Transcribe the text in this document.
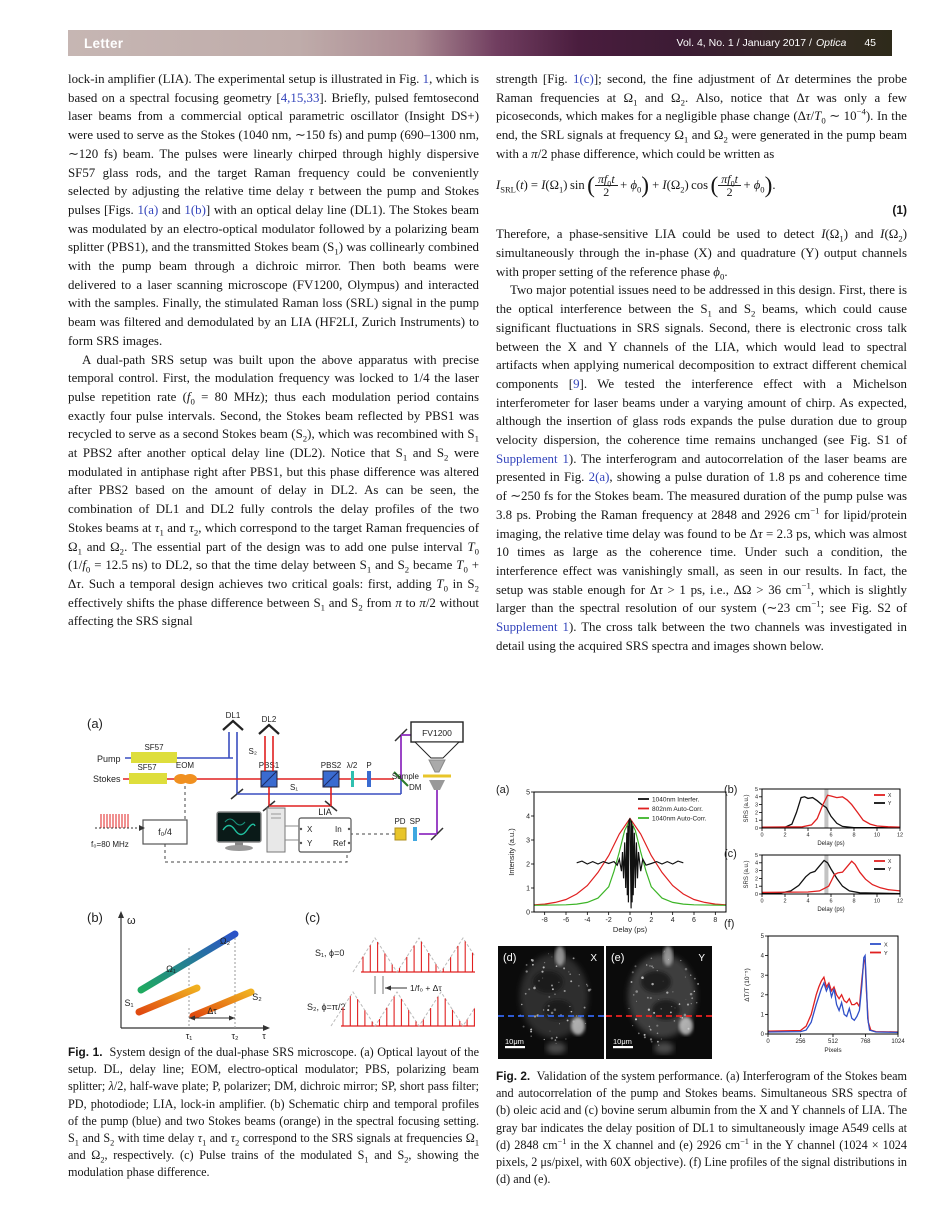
Letter	Vol. 4, No. 1 / January 2017 / Optica 45

lock-in amplifier (LIA). The experimental setup is illustrated in Fig. 1, which is based on a spectral focusing geometry [4,15,33]. Briefly, pulsed femtosecond laser beams from a commercial optical parametric oscillator (Insight DS+) were used to serve as the Stokes (1040 nm, ∼150 fs) and pump (690–1300 nm, ∼120 fs) beam. The pulses were linearly chirped through highly dispersive SF57 glass rods, and the target Raman frequency could be conveniently selected by adjusting the relative time delay τ between the pump and Stokes pulses [Figs. 1(a) and 1(b)] with an optical delay line (DL1). The Stokes beam was modulated by an electro-optical modulator followed by a polarizing beam splitter (PBS1), and the transmitted Stokes beam $(S_1)$ was collinearly combined with the pump beam through a dichroic mirror. Then both beams were delivered to a laser scanning microscope (FV1200, Olympus) and interacted with the samples. Finally, the stimulated Raman loss (SRL) signal in the pump beam was filtered and demodulated by an LIA (HF2LI, Zurich Instruments) to form SRS images.

A dual-path SRS setup was built upon the above apparatus with precise temporal control. First, the modulation frequency was locked to 1/4 the laser pulse repetition rate ($f_0 = 80$ MHz); thus each modulation period contains exactly four pulse intervals. Second, the Stokes beam reflected by PBS1 was recycled to serve as a second Stokes beam $(S_2)$, which was recombined with $S_1$ at PBS2 after another optical delay line (DL2). Notice that $S_1$ and $S_2$ were modulated in antiphase right after PBS1, but this phase difference was altered after PBS2 based on the amount of delay in DL2. As can be seen, the combination of DL1 and DL2 fully controls the delay profiles of the two Stokes beams at $\tau_1$ and $\tau_2$, which correspond to the target Raman frequencies of $\Omega_1$ and $\Omega_2$. The essential part of the design was to add one pulse interval $T_0$ ($1/f_0 = 12.5$ ns) to DL2, so that the time delay between $S_1$ and $S_2$ became $T_0 + \Delta\tau$. Such a temporal design achieves two critical goals: first, adding $T_0$ in $S_2$ effectively shifts the phase difference between $S_1$ and $S_2$ from π to π/2 without affecting the SRS signal

strength [Fig. 1(c)]; second, the fine adjustment of Δτ determines the probe Raman frequencies at $\Omega_1$ and $\Omega_2$. Also, notice that Δτ was only a few picoseconds, which makes for a negligible phase change ($\Delta\tau/T_0$ ∼ $10^{-4}$). In the end, the SRL signals at frequency $\Omega_1$ and $\Omega_2$ were generated in the pump beam with a π/2 phase difference, which could be written as

$I_{SRL}(t) = I(\Omega_1)$ sin ( $\frac{\pi f_0t}{2} + \phi_0) + I(\Omega_2)$ cos ( $\frac{\pi f_0t}{2} + \phi_0$).
(1)

Therefore, a phase-sensitive LIA could be used to detect $I(\Omega_1)$ and $I(\Omega_2)$ simultaneously through the in-phase (X) and quadrature (Y) output channels with proper setting of the reference phase $\phi_0$.

Two major potential issues need to be addressed in this design. First, there is the optical interference between the $S_1$ and $S_2$ beams, which could cause significant fluctuations in SRS signals. Second, there is electronic cross talk between the X and Y channels of the LIA, which would lead to spectral artifacts when applying numerical decomposition to extract different chemical components [9]. We tested the interference effect with a Michelson interferometer for laser beams under a varying amount of chirp. As expected, although the insertion of glass rods expands the pulse duration due to group velocity dispersion, the coherence time remains unchanged (see Fig. S1 of Supplement 1). The interferogram and autocorrelation of the laser beams are presented in Fig. 2(a), showing a pulse duration of 1.8 ps and coherence time of ∼250 fs for the Stokes beam. The measured duration of the pump pulse was 3.8 ps. Probing the Raman frequency at 2848 and 2926 $cm^{-1}$ for lipid/protein imaging, the relative time delay was found to be Δτ = 2.3 ps, which was almost 10 times as large as the coherence time. Under such a condition, the interference effect was vanishingly small, as seen in our results. In fact, the setup was stable enough for Δτ > 1 ps, i.e., ΔΩ > 36 $cm^{-1}$, which is slightly larger than the spectral resolution of our system (∼23 $cm^{-1}$; see Fig. S2 of Supplement 1). The cross talk between the two channels was investigated in detail using the acquired SRS spectra and images shown below.

(a)
Pump
SF57
DL1
Stokes
SF57 EOM	PBS1
DL2
S₂
S₁
PBS2 λ/2 P
DM
FV1200
Sample
SP
PD
LIA
X
Y
In
Ref
f₀/4
f₀=80 MHz
(b) ω
Ω₁
Ω₂
S₁
S₂
Δτ
τ₁	τ₂	τ
(c)
S₁, ϕ=0
1/f₀ + Δτ
S₂, ϕ=π/2
Fig. 1. System design of the dual-phase SRS microscope. (a) Optical layout of the setup. DL, delay line; EOM, electro-optical modulator; PBS, polarizing beam splitter; λ/2, half-wave plate; P, polarizer; DM, dichroic mirror; SP, short pass filter; PD, photodiode; LIA, lock-in amplifier. (b) Schematic chirp and temporal profiles of the pump (blue) and two Stokes beams (orange) in the spectral focusing setting. $S_1$ and $S_2$ with time delay $\tau_1$ and $\tau_2$ correspond to the SRS signals at frequencies $\Omega_1$ and $\Omega_2$, respectively. (c) Pulse trains of the modulated $S_1$ and $S_2$, showing the modulation phase difference.
(a)
-8 -6 -4 -2 0 2 4 6 8
0
1
2
3
4
5
Delay (ps)
Intensity (a.u.)
1040nm Interfer.
802nm Auto-Corr.
1040nm Auto-Corr.
(b)
0	2	4	6	8	10	12
0
1
2
3
4
5
Delay (ps)
SRS (a.u.)	X
Y
(c)
0	2	4	6	8	10	12
0
1
2
3
4
5
Delay (ps)
SRS (a.u.)	X
Y
(d)	X
10μm
(e)	Y
10μm
(f)
0	256	512	768	1024
0
1
2
3
4
5
Pixels
ΔT/T (10⁻⁵)
X
Y
Fig. 2. Validation of the system performance. (a) Interferogram of the Stokes beam and autocorrelation of the pump and Stokes beams. Simultaneous SRS spectra of (b) oleic acid and (c) bovine serum albumin from the X and Y channels of LIA. The gray bar indicates the delay position of DL1 to simultaneously image A549 cells at (d) 2848 $cm^{-1}$ in the X channel and (e) 2926 $cm^{-1}$ in the Y channel (1024 × 1024 pixels, 2 μs/pixel, with 60X objective). (f) Line profiles of the signal distributions in (d) and (e).
